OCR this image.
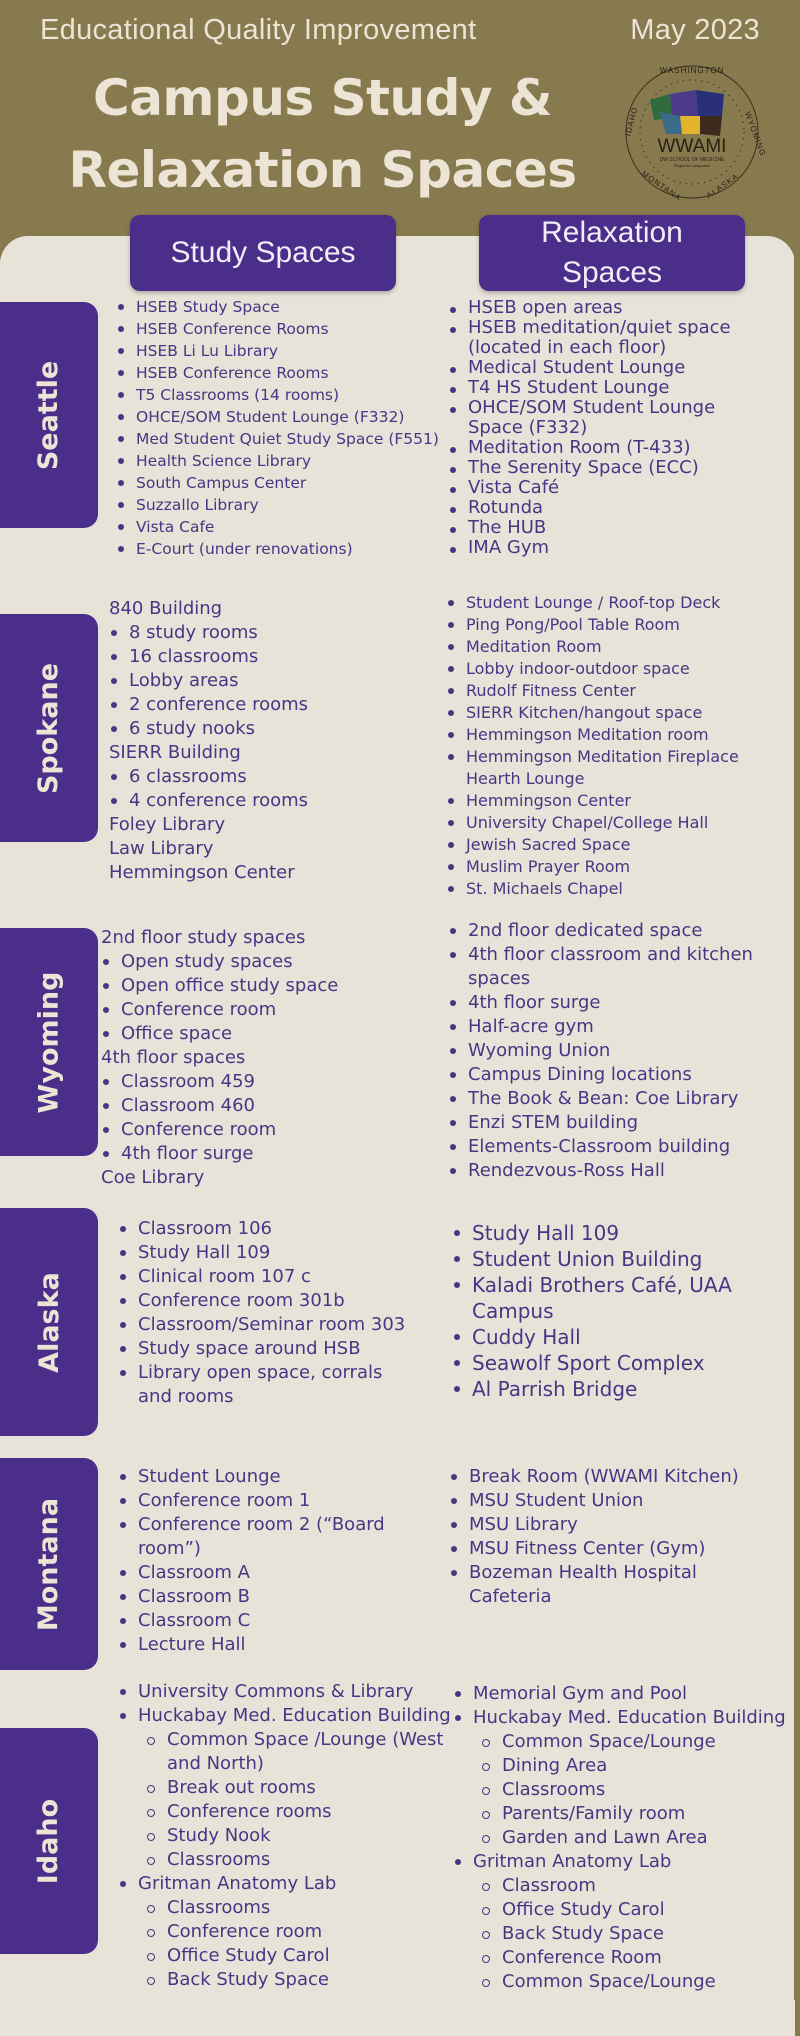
Educational Quality Improvement	May 2023
Campus Study &
Relaxation Spaces	WWAMI
UW SCHOOL OF MEDICINE
Regional Campuses
WASHINGTON
WYOMING
ALASKA
MONTANA
IDAHO
Study Spaces
Relaxation
Spaces
Seattle
Spokane
Wyoming
Alaska
Montana
Idaho
HSEB Study Space
HSEB Conference Rooms
HSEB Li Lu Library
HSEB Conference Rooms
T5 Classrooms (14 rooms)
OHCE/SOM Student Lounge (F332)
Med Student Quiet Study Space (F551)
Health Science Library
South Campus Center
Suzzallo Library
Vista Cafe
E-Court (under renovations)
HSEB open areas
HSEB meditation/quiet space (located in each floor)
Medical Student Lounge
T4 HS Student Lounge
OHCE/SOM Student Lounge Space (F332)
Meditation Room (T-433)
The Serenity Space (ECC)
Vista Café
Rotunda
The HUB
IMA Gym
840 Building
8 study rooms
16 classrooms
Lobby areas
2 conference rooms
6 study nooks
SIERR Building
6 classrooms
4 conference rooms
Foley Library
Law Library
Hemmingson Center
Student Lounge / Roof-top Deck
Ping Pong/Pool Table Room
Meditation Room
Lobby indoor-outdoor space
Rudolf Fitness Center
SIERR Kitchen/hangout space
Hemmingson Meditation room
Hemmingson Meditation Fireplace Hearth Lounge
Hemmingson Center
University Chapel/College Hall
Jewish Sacred Space
Muslim Prayer Room
St. Michaels Chapel
2nd floor study spaces
Open study spaces
Open office study space
Conference room
Office space
4th floor spaces
Classroom 459
Classroom 460
Conference room
4th floor surge
Coe Library
2nd floor dedicated space
4th floor classroom and kitchen spaces
4th floor surge
Half-acre gym
Wyoming Union
Campus Dining locations
The Book & Bean: Coe Library
Enzi STEM building
Elements-Classroom building
Rendezvous-Ross Hall
Classroom 106
Study Hall 109
Clinical room 107 c
Conference room 301b
Classroom/Seminar room 303
Study space around HSB
Library open space, corrals and rooms
Study Hall 109
Student Union Building
Kaladi Brothers Café, UAA Campus
Cuddy Hall
Seawolf Sport Complex
Al Parrish Bridge
Student Lounge
Conference room 1
Conference room 2 (“Board room”)
Classroom A
Classroom B
Classroom C
Lecture Hall
Break Room (WWAMI Kitchen)
MSU Student Union
MSU Library
MSU Fitness Center (Gym)
Bozeman Health Hospital Cafeteria
University Commons & Library
Huckabay Med. Education Building
Common Space /Lounge (West and North)
Break out rooms
Conference rooms
Study Nook
Classrooms
Gritman Anatomy Lab
Classrooms
Conference room
Office Study Carol
Back Study Space
Memorial Gym and Pool
Huckabay Med. Education Building
Common Space/Lounge
Dining Area
Classrooms
Parents/Family room
Garden and Lawn Area
Gritman Anatomy Lab
Classroom
Office Study Carol
Back Study Space
Conference Room
Common Space/Lounge
